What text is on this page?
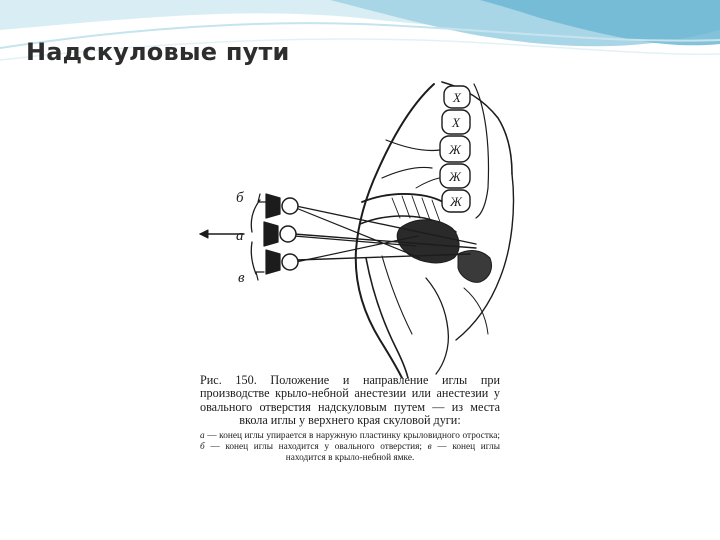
Надскуловые пути
Х
Х
Ж
Ж
Ж
б
а
в

Рис. 150. Положение и направление иглы при производстве крыло-небной анестезии или анестезии у овального отверстия надскуловым путем — из места вкола иглы у верхнего края скуловой дуги:

а — конец иглы упирается в наружную пластинку крыловидного отростка; б — конец иглы находится у овального отверстия; в — конец иглы находится в крыло-небной ямке.
